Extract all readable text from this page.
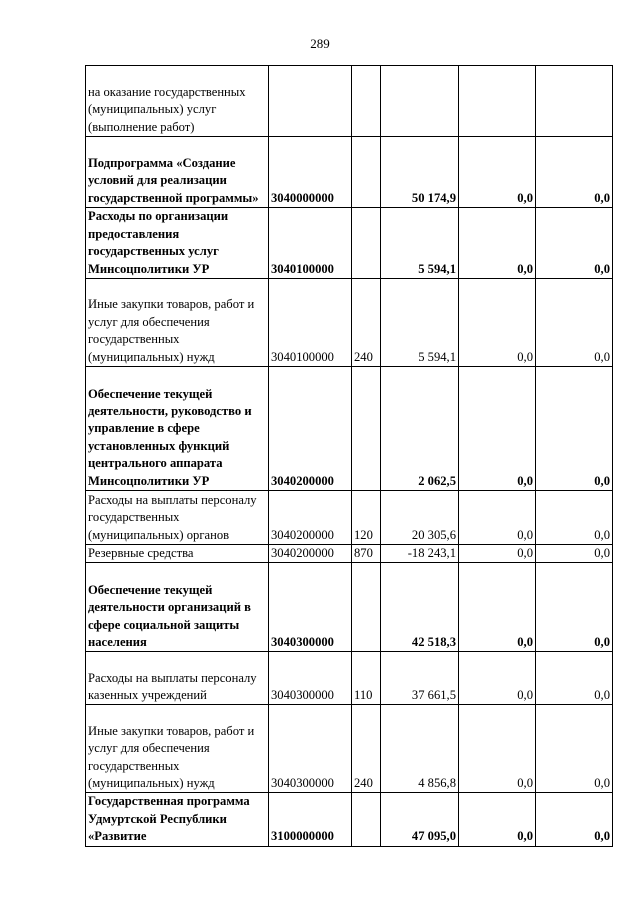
289
на оказание государственных (муниципальных) услуг (выполнение работ)					
Подпрограмма «Создание условий для реализации государственной программы»	3040000000		50 174,9	0,0	0,0
Расходы по организации предоставления государственных услуг Минсоцполитики УР	3040100000		5 594,1	0,0	0,0
Иные закупки товаров, работ и услуг для обеспечения государственных (муниципальных) нужд	3040100000	240	5 594,1	0,0	0,0
Обеспечение текущей деятельности, руководство и управление в сфере установленных функций центрального аппарата Минсоцполитики УР	3040200000		2 062,5	0,0	0,0
Расходы на выплаты персоналу государственных (муниципальных) органов	3040200000	120	20 305,6	0,0	0,0
Резервные средства	3040200000	870	-18 243,1	0,0	0,0
Обеспечение текущей деятельности организаций в сфере социальной защиты населения	3040300000		42 518,3	0,0	0,0
Расходы на выплаты персоналу казенных учреждений	3040300000	110	37 661,5	0,0	0,0
Иные закупки товаров, работ и услуг для обеспечения государственных (муниципальных) нужд	3040300000	240	4 856,8	0,0	0,0
Государственная программа Удмуртской Республики «Развитие	3100000000		47 095,0	0,0	0,0
